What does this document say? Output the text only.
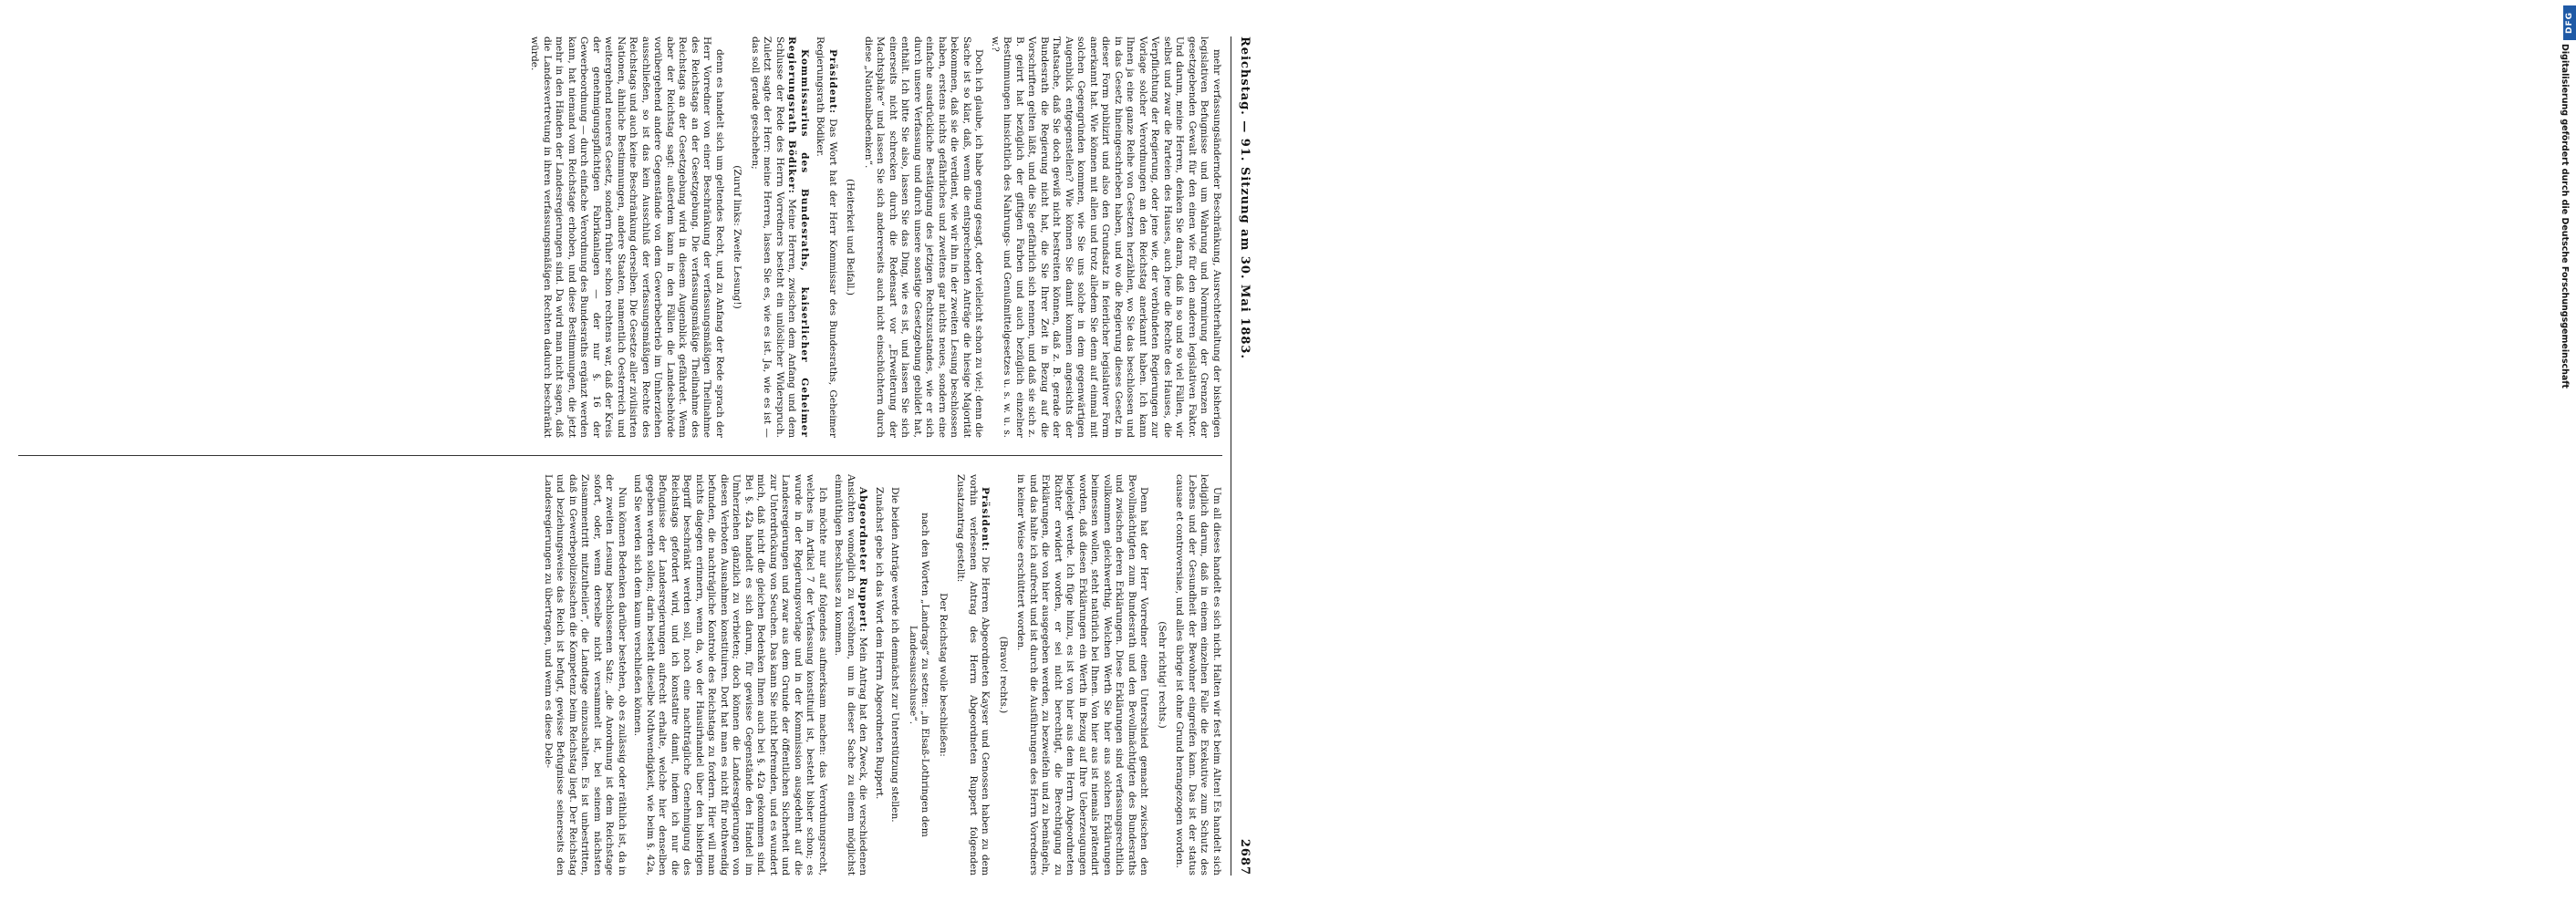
DFG
Digitalisierung gefördert durch die Deutsche Forschungsgemeinschaft
Reichstag. — 91. Sitzung am 30. Mai 1883.
2687

mehr verfassungsändernder Beschränkung, Ausrechterhaltung der bisherigen legislativen Befugnisse und um Wahrung und Normirung der Grenzen der gesetzgebenden Gewalt für den einen wie für den anderen legislativen Faktor. Und darum, meine Herren, denken Sie daran, daß in so und so viel Fällen, wir selbst und zwar die Parteien des Hauses, auch jene die Rechte des Hauses, die Verpflichtung der Regierung, oder jene wie, der verbündeten Regierungen zur Vorlage solcher Verordnungen an den Reichstag anerkannt haben. Ich kann Ihnen ja eine ganze Reihe von Gesetzen herzählen, wo Sie das beschlossen und in das Gesetz hineingeschrieben haben, und wo die Regierung dieses Gesetz in dieser Form publizirt und also den Grundsatz in feierlicher legislativer Form anerkannt hat. Wie können mit allen und trotz alledem Sie denn auf einmal mit solchen Gegengründen kommen, wie Sie uns solche in dem gegenwärtigen Augenblick entgegenstellen? Wie können Sie damit kommen angesichts der Thatsache, daß Sie doch gewiß nicht bestreiten können, daß z. B. gerade der Bundesrath die Regierung nicht hat, die Sie Ihrer Zeit in Bezug auf die Vorschriften gelten läßt, und die Sie gefährlich sich nennen, und daß sie sich z. B. geirrt hat bezüglich der giftigen Farben und auch bezüglich einzelner Bestimmungen hinsichtlich des Nahrungs- und Genußmittelgesetzes u. s. w. u. s. w.?

Doch ich glaube, ich habe genug gesagt, oder vielleicht schon zu viel; denn die Sache ist so klar, daß, wenn die entsprechenden Anträge die hiesige Majorität bekommen, daß sie die verdient, wie wir ihn in der zweiten Lesung beschlossen haben, erstens nichts gefährliches und zweitens gar nichts neues, sondern eine einfache ausdrückliche Bestätigung des jetzigen Rechtszustandes, wie er sich durch unsere Verfassung und durch unsere sonstige Gesetzgebung gebildet hat, enthält. Ich bitte Sie also, lassen Sie das Ding, wie es ist, und lassen Sie sich einerseits nicht schrecken durch die Redensart vor „Erweiterung der Machtsphäre“ und lassen Sie sich andererseits auch nicht einschüchtern durch diese „Nationalbedenken“.

(Heiterkeit und Beifall.)

Präsident: Das Wort hat der Herr Kommissar des Bundesraths, Geheimer Regierungsrath Bödiker.

Kommissarius des Bundesraths, kaiserlicher Geheimer Regierungsrath Bödiker: Meine Herren, zwischen dem Anfang und dem Schlusse der Rede des Herrn Vorredners besteht ein unlöslicher Widerspruch. Zuletzt sagte der Herr: meine Herren, lassen Sie es, wie es ist. Ja, wie es ist — das soll gerade geschehen;

(Zuruf links: Zweite Lesung!)

denn es handelt sich um geltendes Recht, und zu Anfang der Rede sprach der Herr Vorredner von einer Beschränkung der verfassungsmäßigen Theilnahme des Reichstags an der Gesetzgebung. Die verfassungsmäßige Theilnahme des Reichstags an der Gesetzgebung wird in diesem Augenblick gefährdet. Wenn aber der Reichstag sagt: außerdem kann in den Fällen die Landesbehörde vorübergehend andere Gegenstände von dem Gewerbebetrieb im Umherziehen ausschließen, so ist das kein Ausschluß der verfassungsmäßigen Rechte des Reichstags und auch keine Beschränkung derselben. Die Gesetze aller zivilisirten Nationen, ähnliche Bestimmungen, andere Staaten, namentlich Oesterreich und weitergehend neueres Gesetz, sondern früher schon rechtens war, daß der Kreis der genehmigungspflichtigen Fabrikanlagen — der nur §. 16 der Gewerbeordnung — durch einfache Verordnung des Bundesraths ergänzt werden kann, hat niemand vom Reichstage erhoben, und diese Bestimmungen, die jetzt mehr in den Händen der Landesregierungen sind. Da wird man nicht sagen, daß die Landesvertretung in ihren verfassungsmäßigen Rechten dadurch beschränkt würde.

Um all dieses handelt es sich nicht. Halten wir fest beim Alten! Es handelt sich lediglich darum, daß in einem einzelnen Falle die Exekutive zum Schutz des Lebens und der Gesundheit der Bewohner eingreifen kann. Das ist der status causae et controversiae, und alles übrige ist ohne Grund herangezogen worden.

(Sehr richtig! rechts.)

Denn hat der Herr Vorredner einen Unterschied gemacht zwischen den Bevollmächtigten zum Bundesrath und den Bevollmächtigten des Bundesraths und zwischen deren Erklärungen. Diese Erklärungen sind verfassungsrechtlich vollkommen gleichwerthig. Welchen Werth Sie hier aus solchen Erklärungen beimessen wollen, steht natürlich bei Ihnen. Von hier aus ist niemals prätendirt worden, daß diesen Erklärungen ein Werth in Bezug auf Ihre Ueberzeugungen beigelegt werde. Ich füge hinzu, es ist von hier aus dem Herrn Abgeordneten Richter erwidert worden, er sei nicht berechtigt, die Berechtigung zu Erklärungen, die von hier ausgegeben werden, zu bezweifeln und zu bemängeln, und das halte ich aufrecht und ist durch die Ausführungen des Herrn Vorredners in keiner Weise erschüttert worden.

(Bravo! rechts.)

Präsident: Die Herren Abgeordneten Kayser und Genossen haben zu dem vorhin verlesenen Antrag des Herrn Abgeordneten Ruppert folgenden Zusatzantrag gestellt:

Der Reichstag wolle beschließen:

nach den Worten „Landrags“ zu setzen: „in Elsaß-Lothringen dem Landesausschusse“.

Die beiden Anträge werde ich demnächst zur Unterstützung stellen.

Zunächst gebe ich das Wort dem Herrn Abgeordneten Ruppert.

Abgeordneter Ruppert: Mein Antrag hat den Zweck, die verschiedenen Ansichten womöglich zu versöhnen, um in dieser Sache zu einem möglichst einmüthigen Beschlusse zu kommen.

Ich möchte nur auf folgendes aufmerksam machen: das Verordnungsrecht, welches im Artikel 7 der Verfassung konstituirt ist, besteht bisher schon; es wurde in der Regierungsvorlage und in der Kommission ausgedehnt auf die Landesregierungen und zwar aus dem Grunde der öffentlichen Sicherheit und zur Unterdrückung von Seuchen. Das kann Sie nicht befremden, und es wundert mich, daß nicht die gleichen Bedenken Ihnen auch bei §. 42a gekommen sind. Bei §. 42a handelt es sich darum, für gewisse Gegenstände den Handel im Umherziehen gänzlich zu verbieten; doch können die Landesregierungen von diesen Verboten Ausnahmen konstituiren. Dort hat man es nicht für nothwendig befunden, die nachträgliche Kontrole des Reichstags zu fordern. Hier will man nichts dagegen erinnern, wenn da, wo der Hausirhandel über den bisherigen Begriff beschränkt werden soll, noch eine nachträgliche Genehmigung des Reichstags gefordert wird, und ich konstatire damit, indem ich nur die Befugnisse der Landesregierungen aufrecht erhalte, welche hier denselben gegeben werden sollen; darin besteht dieselbe Nothwendigkeit, wie beim §. 42a, und Sie werden sich dem kaum verschließen können.

Nun können Bedenken darüber bestehen, ob es zulässig oder räthlich ist, da in der zweiten Lesung beschlossenen Satz: „die Anordnung ist dem Reichstage sofort, oder, wenn derselbe nicht versammelt ist, bei seinem nächsten Zusammentritt mitzutheilen“, die Landtage einzuschalten. Es ist unbestritten, daß in Gewerbepolizeisachen die Kompetenz beim Reichstag liegt. Der Reichstag und beziehungsweise das Reich ist befugt, gewisse Befugnisse seinerseits den Landesregierungen zu übertragen, und wenn es diese Dele-
